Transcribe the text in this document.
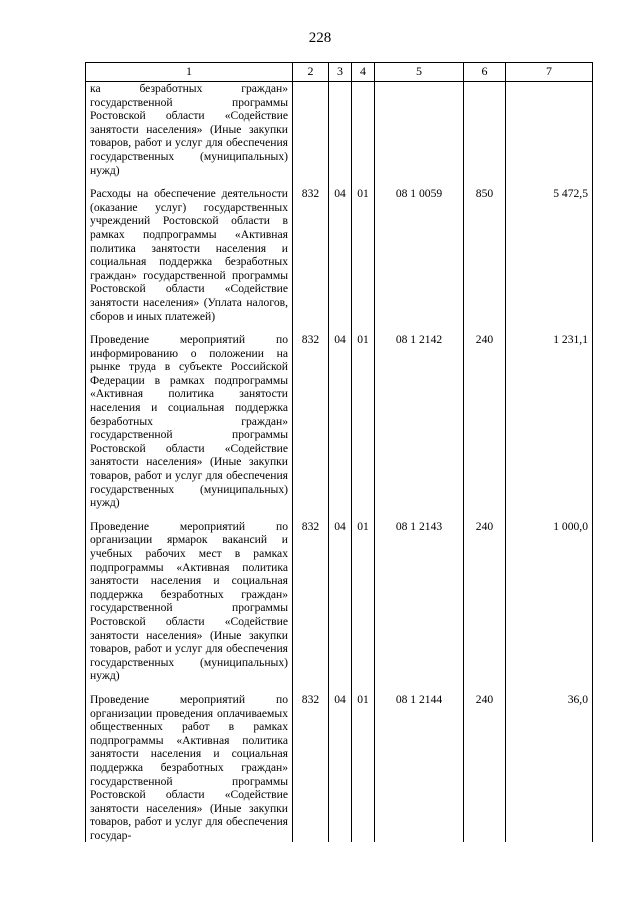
228
1	2	3	4	5	6	7
ка безработных граждан» государственной программы Ростовской области «Содействие занятости населения» (Иные закупки товаров, работ и услуг для обеспечения государственных (муниципальных) нужд)						
Расходы на обеспечение деятельности (оказание услуг) государственных учреждений Ростовской области в рамках подпрограммы «Активная политика занятости населения и социальная поддержка безработных граждан» государственной программы Ростовской области «Содействие занятости населения» (Уплата налогов, сборов и иных платежей)	832	04	01	08 1 0059	850	5 472,5
Проведение мероприятий по информированию о положении на рынке труда в субъекте Российской Федерации в рамках подпрограммы «Активная политика занятости населения и социальная поддержка безработных граждан» государственной программы Ростовской области «Содействие занятости населения» (Иные закупки товаров, работ и услуг для обеспечения государственных (муниципальных) нужд)	832	04	01	08 1 2142	240	1 231,1
Проведение мероприятий по организации ярмарок вакансий и учебных рабочих мест в рамках подпрограммы «Активная политика занятости населения и социальная поддержка безработных граждан» государственной программы Ростовской области «Содействие занятости населения» (Иные закупки товаров, работ и услуг для обеспечения государственных (муниципальных) нужд)	832	04	01	08 1 2143	240	1 000,0
Проведение мероприятий по организации проведения оплачиваемых общественных работ в рамках подпрограммы «Активная политика занятости населения и социальная поддержка безработных граждан» государственной программы Ростовской области «Содействие занятости населения» (Иные закупки товаров, работ и услуг для обеспечения государ-	832	04	01	08 1 2144	240	36,0
